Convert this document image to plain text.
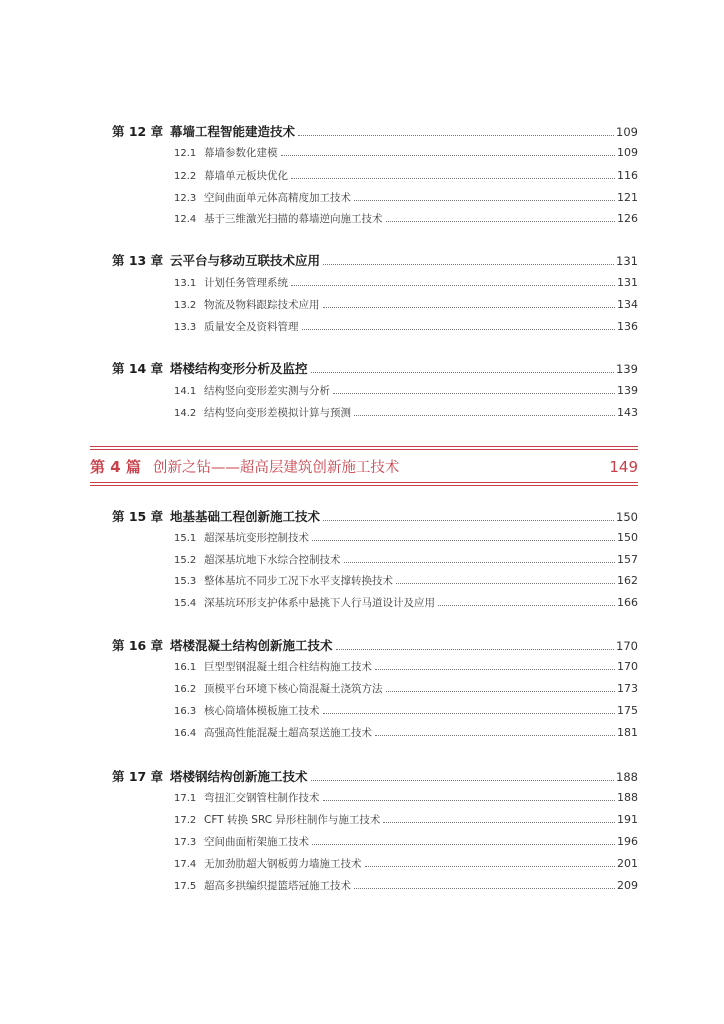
第 12 章 幕墙工程智能建造技术	109
12.1 幕墙参数化建模	109
12.2 幕墙单元板块优化	116
12.3 空间曲面单元体高精度加工技术	121
12.4 基于三维激光扫描的幕墙逆向施工技术	126
第 13 章 云平台与移动互联技术应用	131
13.1 计划任务管理系统	131
13.2 物流及物料跟踪技术应用	134
13.3 质量安全及资料管理	136
第 14 章 塔楼结构变形分析及监控	139
14.1 结构竖向变形差实测与分析	139
14.2 结构竖向变形差模拟计算与预测	143
第 4 篇 创新之钻——超高层建筑创新施工技术	149
第 15 章 地基基础工程创新施工技术	150
15.1 超深基坑变形控制技术	150
15.2 超深基坑地下水综合控制技术	157
15.3 整体基坑不同步工况下水平支撑转换技术	162
15.4 深基坑环形支护体系中悬挑下人行马道设计及应用	166
第 16 章 塔楼混凝土结构创新施工技术	170
16.1 巨型型钢混凝土组合柱结构施工技术	170
16.2 顶模平台环境下核心筒混凝土浇筑方法	173
16.3 核心筒墙体模板施工技术	175
16.4 高强高性能混凝土超高泵送施工技术	181
第 17 章 塔楼钢结构创新施工技术	188
17.1 弯扭汇交钢管柱制作技术	188
17.2 CFT 转换 SRC 异形柱制作与施工技术	191
17.3 空间曲面桁架施工技术	196
17.4 无加劲肋超大钢板剪力墙施工技术	201
17.5 超高多拱编织提篮塔冠施工技术	209
